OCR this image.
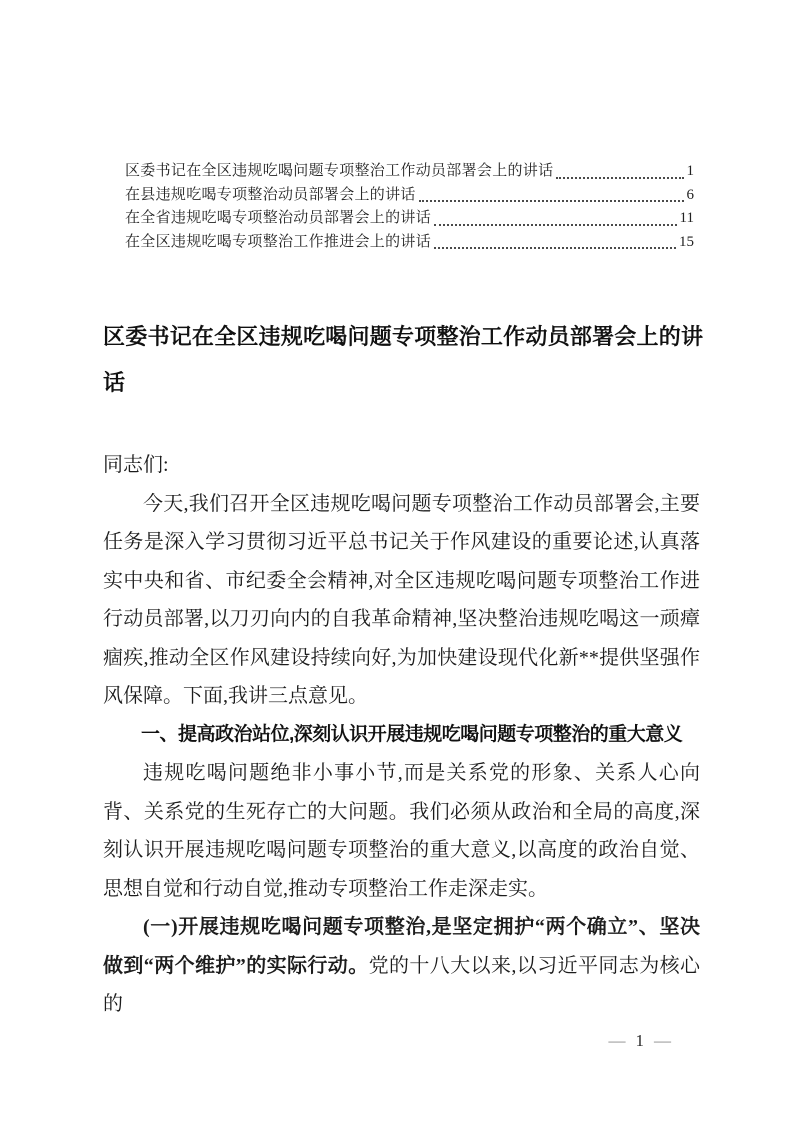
区委书记在全区违规吃喝问题专项整治工作动员部署会上的讲话	1
在县违规吃喝专项整治动员部署会上的讲话	6
在全省违规吃喝专项整治动员部署会上的讲话	11
在全区违规吃喝专项整治工作推进会上的讲话	15
区委书记在全区违规吃喝问题专项整治工作动员部署会上的讲话

同志们:

今天,我们召开全区违规吃喝问题专项整治工作动员部署会,主要任务是深入学习贯彻习近平总书记关于作风建设的重要论述,认真落实中央和省、市纪委全会精神,对全区违规吃喝问题专项整治工作进行动员部署,以刀刃向内的自我革命精神,坚决整治违规吃喝这一顽瘴痼疾,推动全区作风建设持续向好,为加快建设现代化新**提供坚强作风保障。下面,我讲三点意见。

一、提高政治站位,深刻认识开展违规吃喝问题专项整治的重大意义

违规吃喝问题绝非小事小节,而是关系党的形象、关系人心向背、关系党的生死存亡的大问题。我们必须从政治和全局的高度,深刻认识开展违规吃喝问题专项整治的重大意义,以高度的政治自觉、思想自觉和行动自觉,推动专项整治工作走深走实。

(一)开展违规吃喝问题专项整治,是坚定拥护“两个确立”、坚决做到“两个维护”的实际行动。党的十八大以来,以习近平同志为核心的

— 1 —
